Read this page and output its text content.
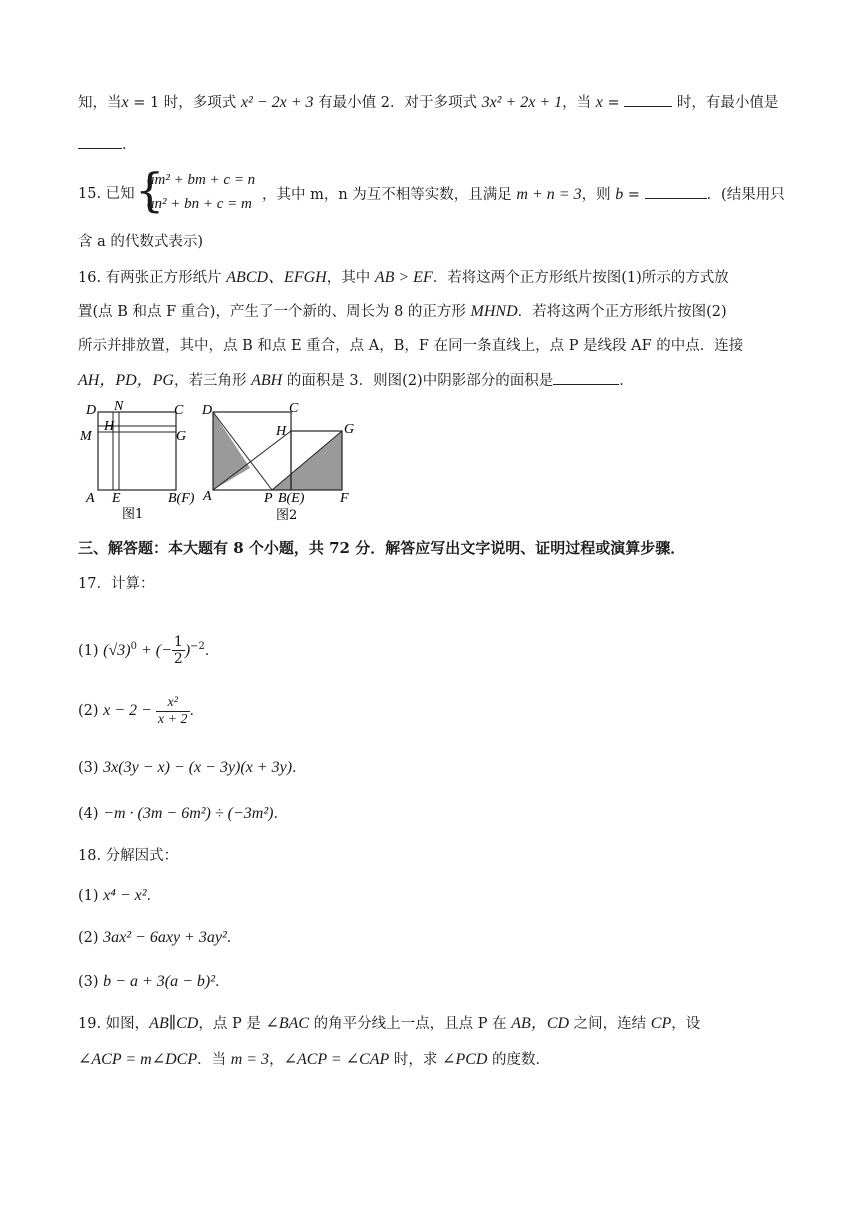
知，当x = 1 时，多项式 x² − 2x + 3 有最小值 2．对于多项式 3x² + 2x + 1，当 x =	时，有最小值是
．
15. 已知 {
am² + bm + c = n
an² + bn + c = m
，其中 m，n 为互不相等实数，且满足 m + n = 3，则 b =	．(结果用只
含 a 的代数式表示)
16. 有两张正方形纸片 ABCD、EFGH，其中 AB > EF．若将这两个正方形纸片按图(1)所示的方式放
置(点 B 和点 F 重合)，产生了一个新的、周长为 8 的正方形 MHND．若将这两个正方形纸片按图(2)
所示并排放置，其中，点 B 和点 E 重合，点 A，B，F 在同一条直线上，点 P 是线段 AF 的中点．连接
AH，PD，PG，若三角形 ABH 的面积是 3．则图(2)中阴影部分的面积是	．
D N	C
M
H
G
A E	B(F)
图1
D	C
H	G
A	P B(E)	F
图2
三、解答题：本大题有 8 个小题，共 72 分．解答应写出文字说明、证明过程或演算步骤．
17．计算：
(1) $(√3)^0$ + (− $\frac{1}{2} )^{-2}$．
(2) $x - 2 - \frac{\text{x²}}{x + 2}$ ．
(3) 3x(3y − x) − (x − 3y)(x + 3y)．
(4) −m · (3m − 6m²) ÷ (−3m²)．
18. 分解因式：
(1) x⁴ − x²．
(2) 3ax² − 6axy + 3ay²．
(3) b − a + 3(a − b)²．
19. 如图，AB∥CD，点 P 是 ∠BAC 的角平分线上一点，且点 P 在 AB，CD 之间，连结 CP，设
∠ACP = m∠DCP．当 m = 3，∠ACP = ∠CAP 时，求 ∠PCD 的度数．
